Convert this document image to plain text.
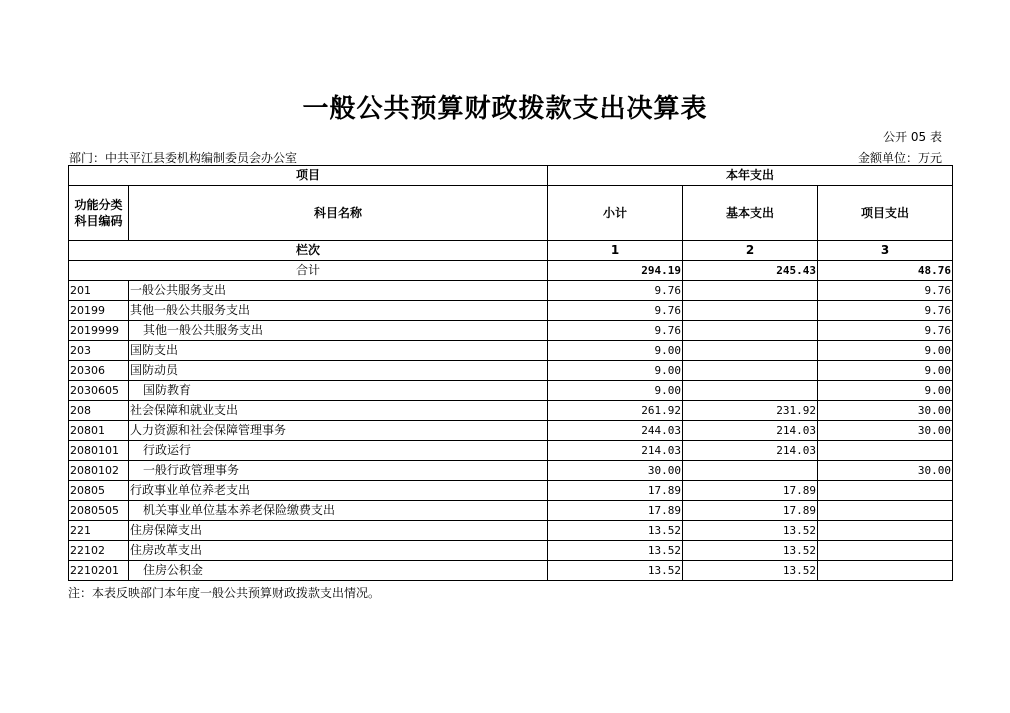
一般公共预算财政拨款支出决算表
公开 05 表
部门：中共平江县委机构编制委员会办公室	金额单位：万元
项目		本年支出		
功能分类
科目编码	科目名称	小计	基本支出	项目支出
栏次		1	2	3
合计		294.19	245.43	48.76
201	一般公共服务支出	9.76		9.76
20199	其他一般公共服务支出	9.76		9.76
2019999	其他一般公共服务支出	9.76		9.76
203	国防支出	9.00		9.00
20306	国防动员	9.00		9.00
2030605	国防教育	9.00		9.00
208	社会保障和就业支出	261.92	231.92	30.00
20801	人力资源和社会保障管理事务	244.03	214.03	30.00
2080101	行政运行	214.03	214.03	
2080102	一般行政管理事务	30.00		30.00
20805	行政事业单位养老支出	17.89	17.89	
2080505	机关事业单位基本养老保险缴费支出	17.89	17.89	
221	住房保障支出	13.52	13.52	
22102	住房改革支出	13.52	13.52	
2210201	住房公积金	13.52	13.52	
注：本表反映部门本年度一般公共预算财政拨款支出情况。
